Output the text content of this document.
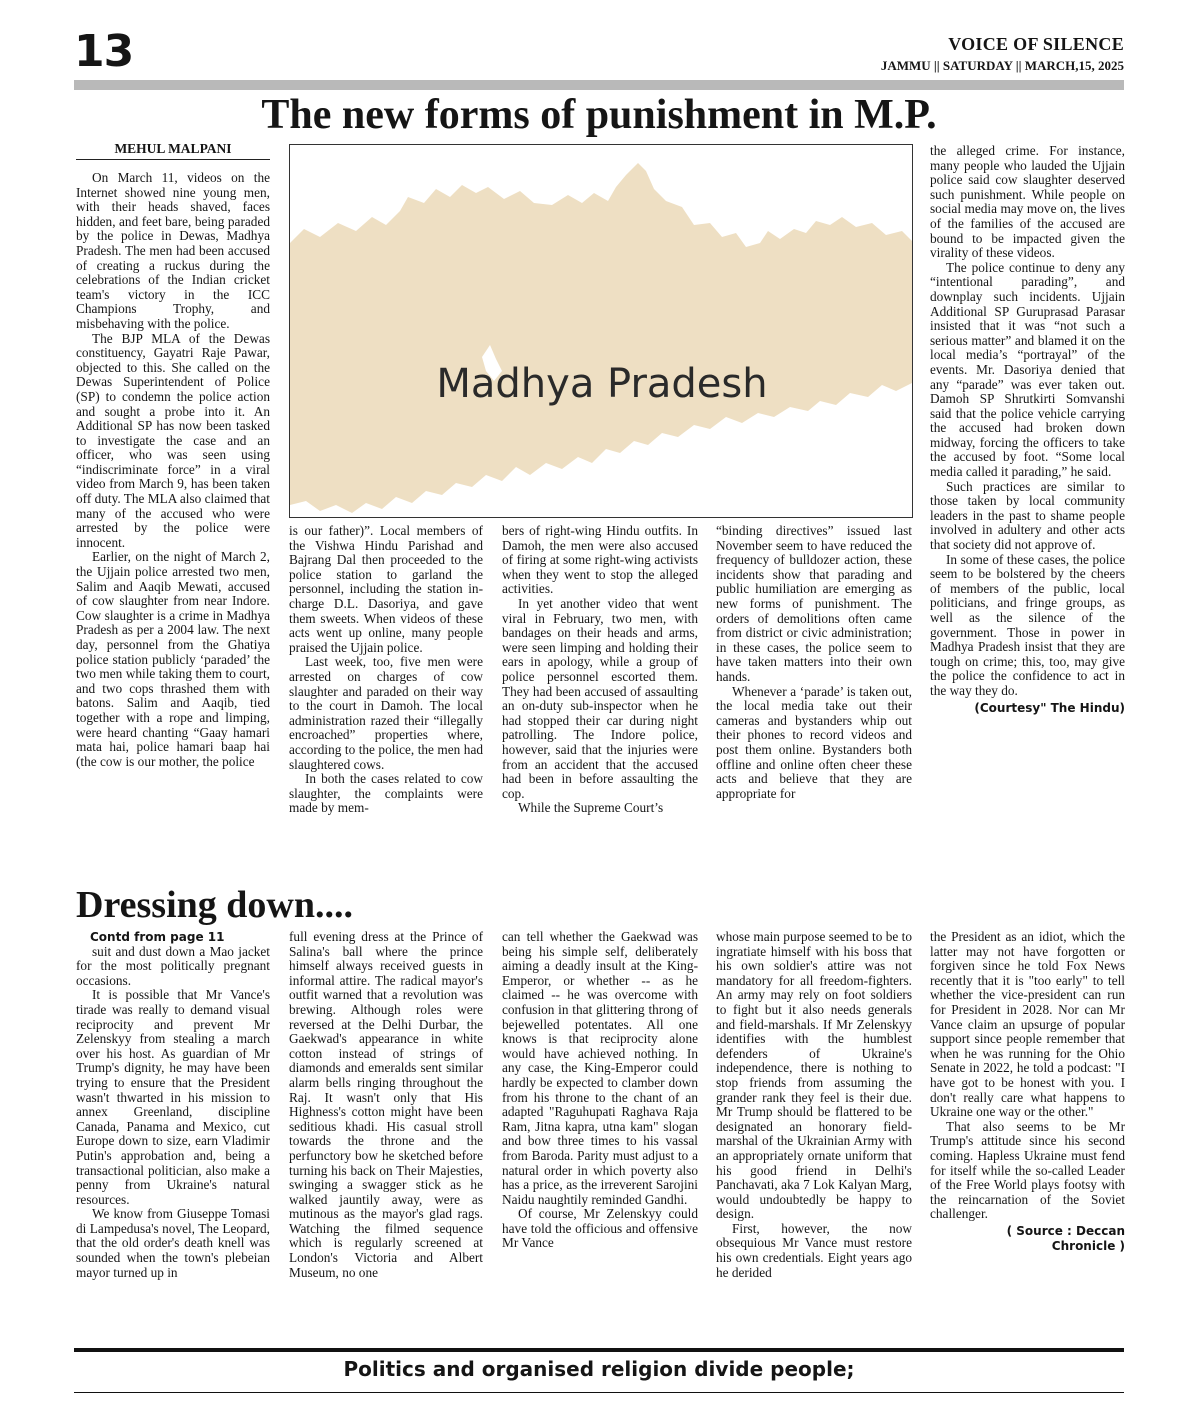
13	VOICE OF SILENCE
JAMMU || SATURDAY || MARCH,15, 2025
The new forms of punishment in M.P.
MEHUL MALPANI
Madhya Pradesh

On March 11, videos on the Internet showed nine young men, with their heads shaved, faces hidden, and feet bare, being paraded by the police in Dewas, Madhya Pradesh. The men had been accused of creating a ruckus during the celebrations of the Indian cricket team's victory in the ICC Champions Trophy, and misbehaving with the police.

The BJP MLA of the Dewas constituency, Gayatri Raje Pawar, objected to this. She called on the Dewas Superintendent of Police (SP) to condemn the police action and sought a probe into it. An Additional SP has now been tasked to investigate the case and an officer, who was seen using “indiscriminate force” in a viral video from March 9, has been taken off duty. The MLA also claimed that many of the accused who were arrested by the police were innocent.

Earlier, on the night of March 2, the Ujjain police arrested two men, Salim and Aaqib Mewati, accused of cow slaughter from near Indore. Cow slaughter is a crime in Madhya Pradesh as per a 2004 law. The next day, personnel from the Ghatiya police station publicly ‘paraded’ the two men while taking them to court, and two cops thrashed them with batons. Salim and Aaqib, tied together with a rope and limping, were heard chanting “Gaay hamari mata hai, police hamari baap hai (the cow is our mother, the police

is our father)”. Local members of the Vishwa Hindu Parishad and Bajrang Dal then proceeded to the police station to garland the personnel, including the station in-charge D.L. Dasoriya, and gave them sweets. When videos of these acts went up online, many people praised the Ujjain police.

Last week, too, five men were arrested on charges of cow slaughter and paraded on their way to the court in Damoh. The local administration razed their “illegally encroached” properties where, according to the police, the men had slaughtered cows.

In both the cases related to cow slaughter, the complaints were made by mem-

bers of right-wing Hindu outfits. In Damoh, the men were also accused of firing at some right-wing activists when they went to stop the alleged activities.

In yet another video that went viral in February, two men, with bandages on their heads and arms, were seen limping and holding their ears in apology, while a group of police personnel escorted them. They had been accused of assaulting an on-duty sub-inspector when he had stopped their car during night patrolling. The Indore police, however, said that the injuries were from an accident that the accused had been in before assaulting the cop.

While the Supreme Court’s

“binding directives” issued last November seem to have reduced the frequency of bulldozer action, these incidents show that parading and public humiliation are emerging as new forms of punishment. The orders of demolitions often came from district or civic administration; in these cases, the police seem to have taken matters into their own hands.

Whenever a ‘parade’ is taken out, the local media take out their cameras and bystanders whip out their phones to record videos and post them online. Bystanders both offline and online often cheer these acts and believe that they are appropriate for

the alleged crime. For instance, many people who lauded the Ujjain police said cow slaughter deserved such punishment. While people on social media may move on, the lives of the families of the accused are bound to be impacted given the virality of these videos.

The police continue to deny any “intentional parading”, and downplay such incidents. Ujjain Additional SP Guruprasad Parasar insisted that it was “not such a serious matter” and blamed it on the local media’s “portrayal” of the events. Mr. Dasoriya denied that any “parade” was ever taken out. Damoh SP Shrutkirti Somvanshi said that the police vehicle carrying the accused had broken down midway, forcing the officers to take the accused by foot. “Some local media called it parading,” he said.

Such practices are similar to those taken by local community leaders in the past to shame people involved in adultery and other acts that society did not approve of.

In some of these cases, the police seem to be bolstered by the cheers of members of the public, local politicians, and fringe groups, as well as the silence of the government. Those in power in Madhya Pradesh insist that they are tough on crime; this, too, may give the police the confidence to act in the way they do.

(Courtesy" The Hindu)

Dressing down....

Contd from page 11

suit and dust down a Mao jacket for the most politically pregnant occasions.

It is possible that Mr Vance's tirade was really to demand visual reciprocity and prevent Mr Zelenskyy from stealing a march over his host. As guardian of Mr Trump's dignity, he may have been trying to ensure that the President wasn't thwarted in his mission to annex Greenland, discipline Canada, Panama and Mexico, cut Europe down to size, earn Vladimir Putin's approbation and, being a transactional politician, also make a penny from Ukraine's natural resources.

We know from Giuseppe Tomasi di Lampedusa's novel, The Leopard, that the old order's death knell was sounded when the town's plebeian mayor turned up in

full evening dress at the Prince of Salina's ball where the prince himself always received guests in informal attire. The radical mayor's outfit warned that a revolution was brewing. Although roles were reversed at the Delhi Durbar, the Gaekwad's appearance in white cotton instead of strings of diamonds and emeralds sent similar alarm bells ringing throughout the Raj. It wasn't only that His Highness's cotton might have been seditious khadi. His casual stroll towards the throne and the perfunctory bow he sketched before turning his back on Their Majesties, swinging a swagger stick as he walked jauntily away, were as mutinous as the mayor's glad rags. Watching the filmed sequence which is regularly screened at London's Victoria and Albert Museum, no one

can tell whether the Gaekwad was being his simple self, deliberately aiming a deadly insult at the King-Emperor, or whether -- as he claimed -- he was overcome with confusion in that glittering throng of bejewelled potentates. All one knows is that reciprocity alone would have achieved nothing. In any case, the King-Emperor could hardly be expected to clamber down from his throne to the chant of an adapted "Raguhupati Raghava Raja Ram, Jitna kapra, utna kam" slogan and bow three times to his vassal from Baroda. Parity must adjust to a natural order in which poverty also has a price, as the irreverent Sarojini Naidu naughtily reminded Gandhi.

Of course, Mr Zelenskyy could have told the officious and offensive Mr Vance

whose main purpose seemed to be to ingratiate himself with his boss that his own soldier's attire was not mandatory for all freedom-fighters. An army may rely on foot soldiers to fight but it also needs generals and field-marshals. If Mr Zelenskyy identifies with the humblest defenders of Ukraine's independence, there is nothing to stop friends from assuming the grander rank they feel is their due. Mr Trump should be flattered to be designated an honorary field-marshal of the Ukrainian Army with an appropriately ornate uniform that his good friend in Delhi's Panchavati, aka 7 Lok Kalyan Marg, would undoubtedly be happy to design.

First, however, the now obsequious Mr Vance must restore his own credentials. Eight years ago he derided

the President as an idiot, which the latter may not have forgotten or forgiven since he told Fox News recently that it is "too early" to tell whether the vice-president can run for President in 2028. Nor can Mr Vance claim an upsurge of popular support since people remember that when he was running for the Ohio Senate in 2022, he told a podcast: "I have got to be honest with you. I don't really care what happens to Ukraine one way or the other."

That also seems to be Mr Trump's attitude since his second coming. Hapless Ukraine must fend for itself while the so-called Leader of the Free World plays footsy with the reincarnation of the Soviet challenger.

( Source : Deccan

Chronicle )

Politics and organised religion divide people;
